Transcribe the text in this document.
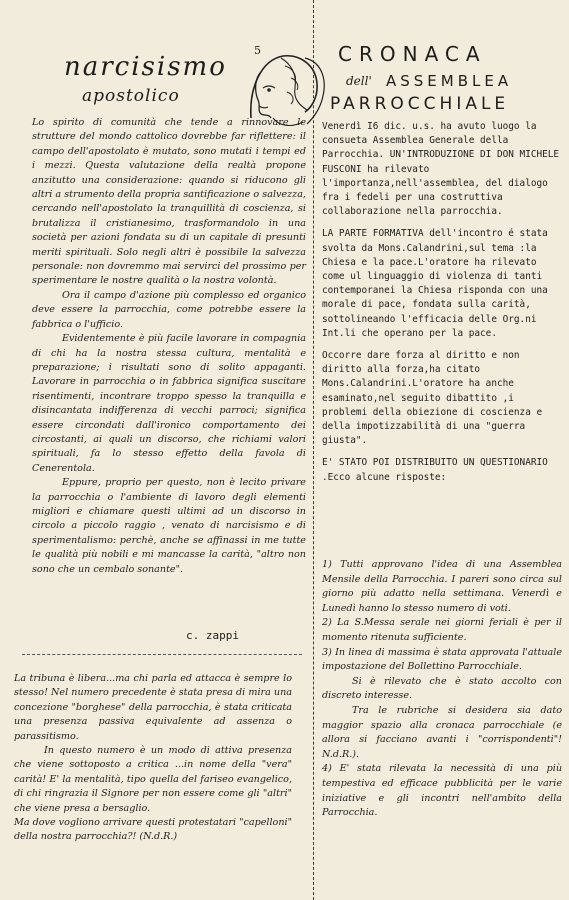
5
narcisismo
apostolico

Lo spirito di comunità che tende a rinnovare le strutture del mondo cattolico dovrebbe far riflettere: il campo dell'apostolato è mutato, sono mutati i tempi ed i mezzi. Questa valutazione della realtà propone anzitutto una considerazione: quando si riducono gli altri a strumento della propria santificazione o salvezza, cercando nell'apostolato la tranquillità di coscienza, si brutalizza il cristianesimo, trasformandolo in una società per azioni fondata su di un capitale di presunti meriti spirituali. Solo negli altri è possibile la salvezza personale: non dovremmo mai servirci del prossimo per sperimentare le nostre qualità o la nostra volontà.

Ora il campo d'azione più complesso ed organico deve essere la parrocchia, come potrebbe essere la fabbrica o l'ufficio.

Evidentemente è più facile lavorare in compagnia di chi ha la nostra stessa cultura, mentalità e preparazione; i risultati sono di solito appaganti. Lavorare in parrocchia o in fabbrica significa suscitare risentimenti, incontrare troppo spesso la tranquilla e disincantata indifferenza di vecchi parroci; significa essere circondati dall'ironico comportamento dei circostanti, ai quali un discorso, che richiami valori spirituali, fa lo stesso effetto della favola di Cenerentola.

Eppure, proprio per questo, non è lecito privare la parrocchia o l'ambiente di lavoro degli elementi migliori e chiamare questi ultimi ad un discorso in circolo a piccolo raggio , venato di narcisismo e di sperimentalismo: perchè, anche se affinassi in me tutte le qualità più nobili e mi mancasse la carità, "altro non sono che un cembalo sonante".

c. zappi

La tribuna è libera...ma chi parla ed attacca è sempre lo stesso! Nel numero precedente è stata presa di mira una concezione "borghese" della parrocchia, è stata criticata una presenza passiva equivalente ad assenza o parassitismo.

In questo numero è un modo di attiva presenza che viene sottoposto a critica ...in nome della "vera" carità! E' la mentalità, tipo quella del fariseo evangelico, di chi ringrazia il Signore per non essere come gli "altri" che viene presa a bersaglio.

Ma dove vogliono arrivare questi protestatari "capelloni" della nostra parrocchia?! (N.d.R.)

CRONACA
dell' ASSEMBLEA
PARROCCHIALE

Venerdì I6 dic. u.s. ha avuto luogo la consueta Assemblea Generale della Parrocchia. UN'INTRODUZIONE DI DON MICHELE FUSCONI ha rilevato l'importanza,nell'assemblea, del dialogo fra i fedeli per una costruttiva collaborazione nella parrocchia.

LA PARTE FORMATIVA dell'incontro é stata svolta da Mons.Calandrini,sul tema :la Chiesa e la pace.L'oratore ha rilevato come ul linguaggio di violenza di tanti contemporanei la Chiesa risponda con una morale di pace, fondata sulla carità, sottolineando l'efficacia delle Org.ni Int.li che operano per la pace.

Occorre dare forza al diritto e non diritto alla forza,ha citato Mons.Calandrini.L'oratore ha anche esaminato,nel seguito dibattito ,i problemi della obiezione di coscienza e della impotizzabilità di una "guerra giusta".

E' STATO POI DISTRIBUITO UN QUESTIONARIO .Ecco alcune risposte:

1) Tutti approvano l'idea di una Assemblea Mensile della Parrocchia. I pareri sono circa sul giorno più adatto nella settimana. Venerdì e Lunedì hanno lo stesso numero di voti.

2) La S.Messa serale nei giorni feriali è per il momento ritenuta sufficiente.

3) In linea di massima è stata approvata l'attuale impostazione del Bollettino Parrocchiale.

Si è rilevato che è stato accolto con discreto interesse.

Tra le rubriche si desidera sia dato maggior spazio alla cronaca parrocchiale (e allora si facciano avanti i "corrispondenti"! N.d.R.).

4) E' stata rilevata la necessità di una più tempestiva ed efficace pubblicità per le varie iniziative e gli incontri nell'ambito della Parrocchia.
